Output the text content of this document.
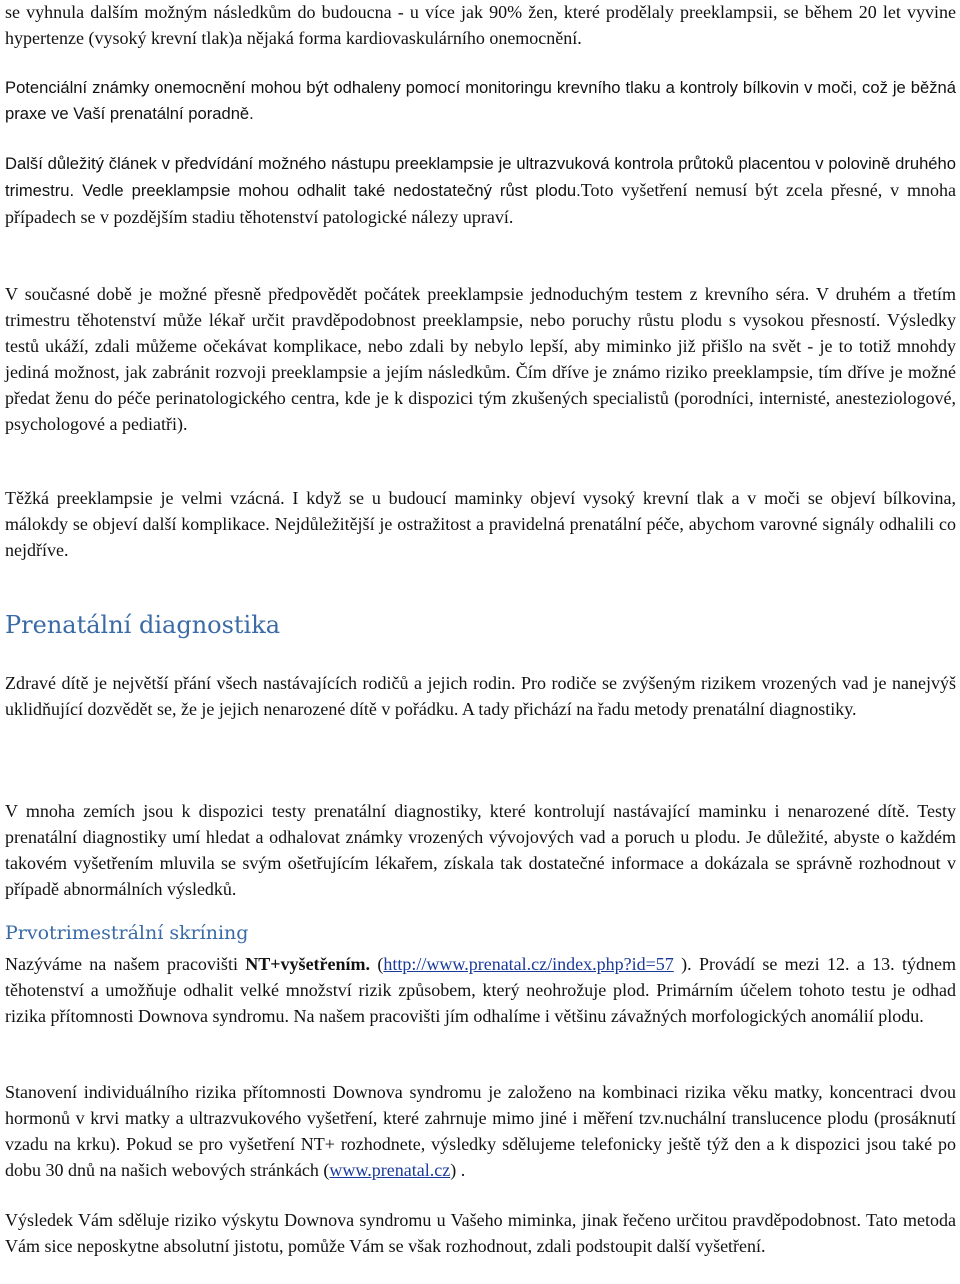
se vyhnula dalším možným následkům do budoucna - u více jak 90% žen, které prodělaly preeklampsii, se během 20 let vyvine hypertenze (vysoký krevní tlak)a nějaká forma kardiovaskulárního onemocnění.

Potenciální známky onemocnění mohou být odhaleny pomocí monitoringu krevního tlaku a kontroly bílkovin v moči, což je běžná praxe ve Vaší prenatální poradně.

Další důležitý článek v předvídání možného nástupu preeklampsie je ultrazvuková kontrola průtoků placentou v polovině druhého trimestru. Vedle preeklampsie mohou odhalit také nedostatečný růst plodu.Toto vyšetření nemusí být zcela přesné, v mnoha případech se v pozdějším stadiu těhotenství patologické nálezy upraví.

V současné době je možné přesně předpovědět počátek preeklampsie jednoduchým testem z krevního séra. V druhém a třetím trimestru těhotenství může lékař určit pravděpodobnost preeklampsie, nebo poruchy růstu plodu s vysokou přesností. Výsledky testů ukáží, zdali můžeme očekávat komplikace, nebo zdali by nebylo lepší, aby miminko již přišlo na svět - je to totiž mnohdy jediná možnost, jak zabránit rozvoji preeklampsie a jejím následkům. Čím dříve je známo riziko preeklampsie, tím dříve je možné předat ženu do péče perinatologického centra, kde je k dispozici tým zkušených specialistů (porodníci, internisté, anesteziologové, psychologové a pediatři).

Těžká preeklampsie je velmi vzácná. I když se u budoucí maminky objeví vysoký krevní tlak a v moči se objeví bílkovina, málokdy se objeví další komplikace. Nejdůležitější je ostražitost a pravidelná prenatální péče, abychom varovné signály odhalili co nejdříve.

Prenatální diagnostika

Zdravé dítě je největší přání všech nastávajících rodičů a jejich rodin. Pro rodiče se zvýšeným rizikem vrozených vad je nanejvýš uklidňující dozvědět se, že je jejich nenarozené dítě v pořádku. A tady přichází na řadu metody prenatální diagnostiky.

V mnoha zemích jsou k dispozici testy prenatální diagnostiky, které kontrolují nastávající maminku i nenarozené dítě. Testy prenatální diagnostiky umí hledat a odhalovat známky vrozených vývojových vad a poruch u plodu. Je důležité, abyste o každém takovém vyšetřením mluvila se svým ošetřujícím lékařem, získala tak dostatečné informace a dokázala se správně rozhodnout v případě abnormálních výsledků.

Prvotrimestrální skríning

Nazýváme na našem pracovišti NT+vyšetřením. (http://www.prenatal.cz/index.php?id=57 ). Provádí se mezi 12. a 13. týdnem těhotenství a umožňuje odhalit velké množství rizik způsobem, který neohrožuje plod. Primárním účelem tohoto testu je odhad rizika přítomnosti Downova syndromu. Na našem pracovišti jím odhalíme i většinu závažných morfologických anomálií plodu.

Stanovení individuálního rizika přítomnosti Downova syndromu je založeno na kombinaci rizika věku matky, koncentraci dvou hormonů v krvi matky a ultrazvukového vyšetření, které zahrnuje mimo jiné i měření tzv.nuchální translucence plodu (prosáknutí vzadu na krku). Pokud se pro vyšetření NT+ rozhodnete, výsledky sdělujeme telefonicky ještě týž den a k dispozici jsou také po dobu 30 dnů na našich webových stránkách (www.prenatal.cz) .

Výsledek Vám sděluje riziko výskytu Downova syndromu u Vašeho miminka, jinak řečeno určitou pravděpodobnost. Tato metoda Vám sice neposkytne absolutní jistotu, pomůže Vám se však rozhodnout, zdali podstoupit další vyšetření.
